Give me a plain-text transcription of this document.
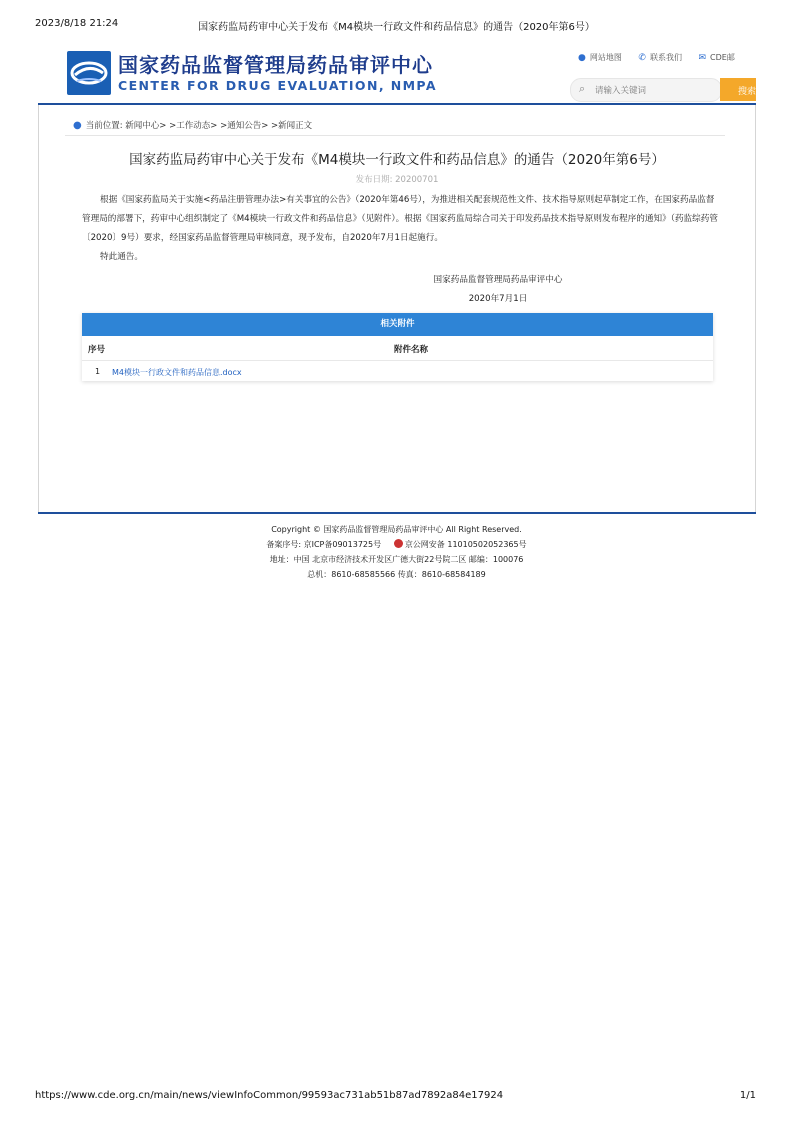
2023/8/18 21:24	国家药监局药审中心关于发布《M4模块一行政文件和药品信息》的通告（2020年第6号）
国家药品监督管理局药品审评中心
CENTER FOR DRUG EVALUATION, NMPA
● 网站地图 ✆ 联系我们 ✉ CDE邮
⌕ 请输入关键词	搜索
● 当前位置: 新闻中心> >工作动态> >通知公告> >新闻正文
国家药监局药审中心关于发布《M4模块一行政文件和药品信息》的通告（2020年第6号）
发布日期: 20200701

根据《国家药监局关于实施<药品注册管理办法>有关事宜的公告》（2020年第46号），为推进相关配套规范性文件、技术指导原则起草制定工作，在国家药品监督管理局的部署下，药审中心组织制定了《M4模块一行政文件和药品信息》（见附件）。根据《国家药监局综合司关于印发药品技术指导原则发布程序的通知》（药监综药管〔2020〕9号）要求，经国家药品监督管理局审核同意，现予发布，自2020年7月1日起施行。

特此通告。

国家药品监督管理局药品审评中心
2020年7月1日
相关附件
序号	附件名称
1 M4模块一行政文件和药品信息.docx
Copyright © 国家药品监督管理局药品审评中心 All Right Reserved.
备案序号: 京ICP备09013725号	京公网安备 11010502052365号
地址：中国 北京市经济技术开发区广德大街22号院二区 邮编：100076
总机：8610-68585566 传真：8610-68584189
https://www.cde.org.cn/main/news/viewInfoCommon/99593ac731ab51b87ad7892a84e17924	1/1
